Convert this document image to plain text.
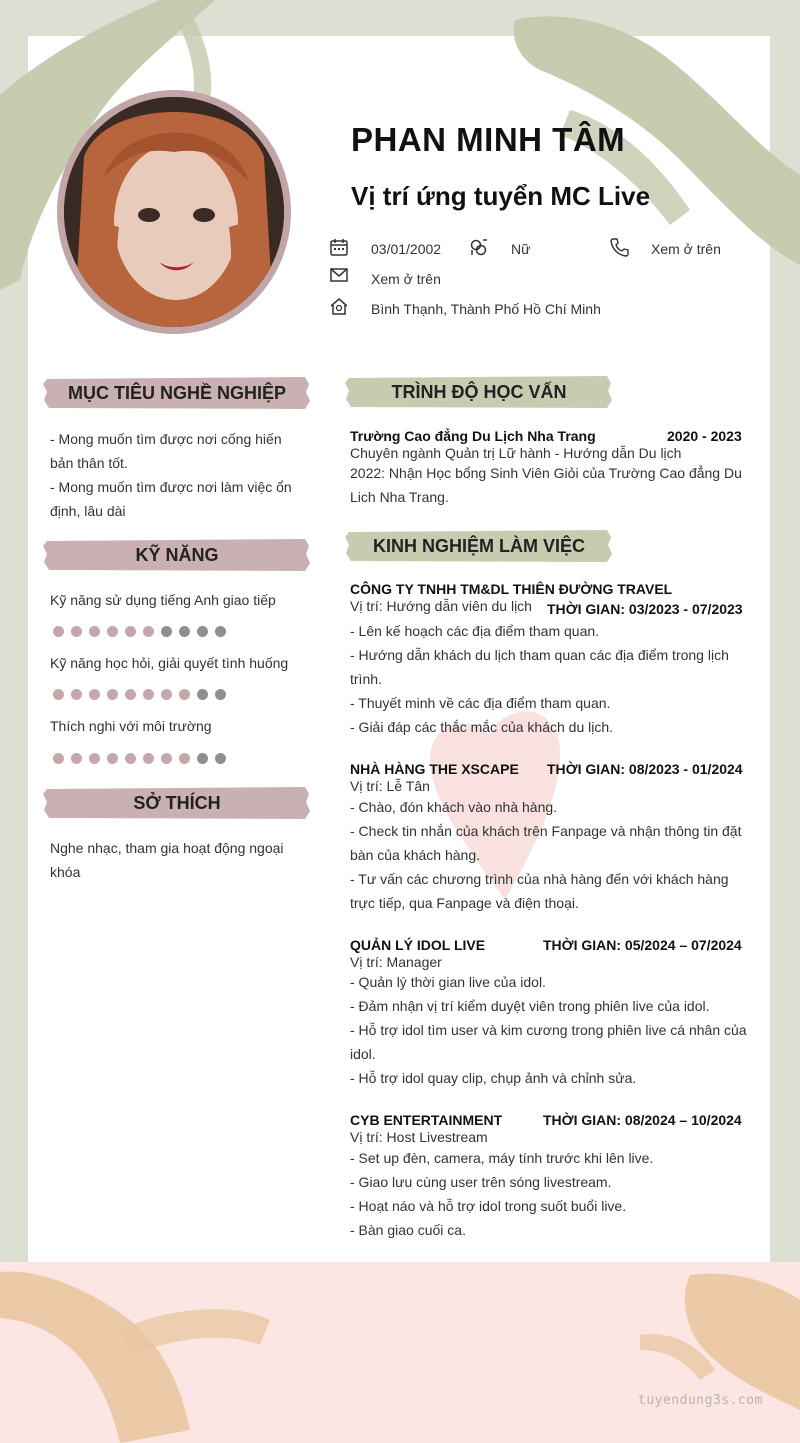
PHAN MINH TÂM
Vị trí ứng tuyển MC Live
03/01/2002	Nữ	Xem ở trên
Xem ở trên
Bình Thạnh, Thành Phố Hồ Chí Minh
MỤC TIÊU NGHỀ NGHIỆP
- Mong muốn tìm được nơi cống hiến
bản thân tốt.
- Mong muốn tìm được nơi làm việc ổn
định, lâu dài
KỸ NĂNG
Kỹ năng sử dụng tiếng Anh giao tiếp
Kỹ năng học hỏi, giải quyết tình huống
Thích nghi với môi trường
SỞ THÍCH
Nghe nhạc, tham gia hoạt động ngoại
khóa
TRÌNH ĐỘ HỌC VẤN
Trường Cao đẳng Du Lịch Nha Trang	2020 - 2023
Chuyên ngành Quản trị Lữ hành - Hướng dẫn Du lịch
2022: Nhận Học bổng Sinh Viên Giỏi của Trường Cao đẳng Du
Lich Nha Trang.
KINH NGHIỆM LÀM VIỆC
CÔNG TY TNHH TM&DL THIÊN ĐƯỜNG TRAVEL
Vị trí: Hướng dẫn viên du lịch THỜI GIAN: 03/2023 - 07/2023
- Lên kế hoạch các địa điểm tham quan.
- Hướng dẫn khách du lịch tham quan các địa điểm trong lịch
trình.
- Thuyết minh về các địa điểm tham quan.
- Giải đáp các thắc mắc của khách du lịch.
NHÀ HÀNG THE XSCAPE THỜI GIAN: 08/2023 - 01/2024
Vị trí: Lễ Tân
- Chào, đón khách vào nhà hàng.
- Check tin nhắn của khách trên Fanpage và nhận thông tin đặt
bàn của khách hàng.
- Tư vấn các chương trình của nhà hàng đến với khách hàng
trực tiếp, qua Fanpage và điện thoại.
QUẢN LÝ IDOL LIVE	THỜI GIAN: 05/2024 – 07/2024
Vị trí: Manager
- Quản lý thời gian live của idol.
- Đảm nhận vị trí kiểm duyệt viên trong phiên live của idol.
- Hỗ trợ idol tìm user và kim cương trong phiên live cá nhân của
idol.
- Hỗ trợ idol quay clip, chụp ảnh và chỉnh sửa.
CYB ENTERTAINMENT	THỜI GIAN: 08/2024 – 10/2024
Vị trí: Host Livestream
- Set up đèn, camera, máy tính trước khi lên live.
- Giao lưu cùng user trên sóng livestream.
- Hoạt náo và hỗ trợ idol trong suốt buổi live.
- Bàn giao cuối ca.
tuyendung3s.com
